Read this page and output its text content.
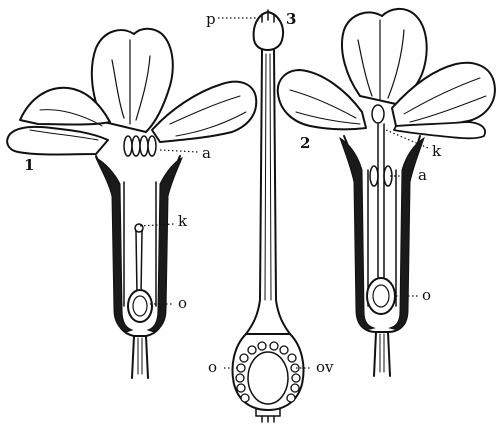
1
2
3
a
k
o
p
o	ov
k
a
o
